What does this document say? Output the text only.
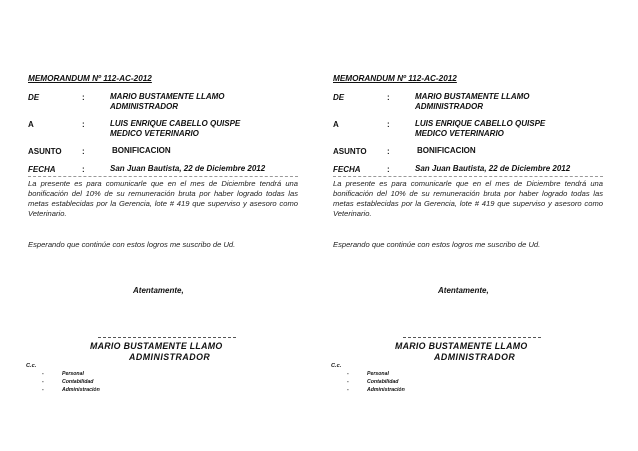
MEMORANDUM Nº 112-AC-2012
DE	:	MARIO BUSTAMENTE LLAMO
ADMINISTRADOR
A	:	LUIS ENRIQUE CABELLO QUISPE
MEDICO VETERINARIO
ASUNTO	:	BONIFICACION
FECHA	:	San Juan Bautista, 22 de Diciembre 2012
La presente es para comunicarle que en el mes de Diciembre tendrá una bonificación del 10% de su remuneración bruta por haber logrado todas las metas establecidas por la Gerencia, lote # 419 que superviso y asesoro como Veterinario.
Esperando que continúe con estos logros me suscribo de Ud.
Atentamente,
MARIO BUSTAMENTE LLAMO
ADMINISTRADOR
C.c.
-	Personal
-	Contabilidad
-	Administración
MEMORANDUM Nº 112-AC-2012
DE	:	MARIO BUSTAMENTE LLAMO
ADMINISTRADOR
A	:	LUIS ENRIQUE CABELLO QUISPE
MEDICO VETERINARIO
ASUNTO	:	BONIFICACION
FECHA	:	San Juan Bautista, 22 de Diciembre 2012
La presente es para comunicarle que en el mes de Diciembre tendrá una bonificación del 10% de su remuneración bruta por haber logrado todas las metas establecidas por la Gerencia, lote # 419 que superviso y asesoro como Veterinario.
Esperando que continúe con estos logros me suscribo de Ud.
Atentamente,
MARIO BUSTAMENTE LLAMO
ADMINISTRADOR
C.c.
-	Personal
-	Contabilidad
-	Administración
